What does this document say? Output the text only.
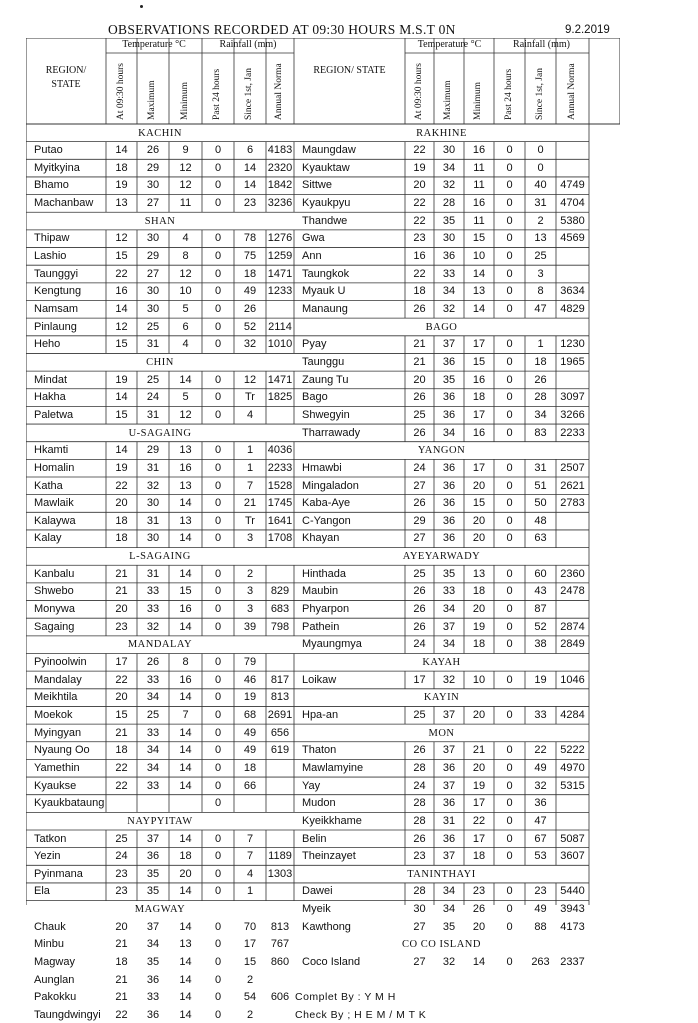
OBSERVATIONS RECORDED AT 09:30 HOURS M.S.T 0N	9.2.2019
REGION/ STATE
Temperature °C	Rainfall (mm)
At 09:30 hours Maximum Minimum Past 24 hours Since 1st, Jan Annual Norma
KACHIN
Putao	14	26	9	0	6	4183
Myitkyina	18	29	12	0	14	2320
Bhamo	19	30	12	0	14	1842
Machanbaw	13	27	11	0	23	3236
SHAN
Thipaw	12	30	4	0	78	1276
Lashio	15	29	8	0	75	1259
Taunggyi	22	27	12	0	18	1471
Kengtung	16	30	10	0	49	1233
Namsam	14	30	5	0	26
Pinlaung	12	25	6	0	52	2114
Heho	15	31	4	0	32	1010
CHIN
Mindat	19	25	14	0	12	1471
Hakha	14	24	5	0	Tr	1825
Paletwa	15	31	12	0	4
U-SAGAING
Hkamti	14	29	13	0	1	4036
Homalin	19	31	16	0	1	2233
Katha	22	32	13	0	7	1528
Mawlaik	20	30	14	0	21	1745
Kalaywa	18	31	13	0	Tr	1641
Kalay	18	30	14	0	3	1708
L-SAGAING
Kanbalu	21	31	14	0	2
Shwebo	21	33	15	0	3	829
Monywa	20	33	16	0	3	683
Sagaing	23	32	14	0	39	798
MANDALAY
Pyinoolwin	17	26	8	0	79
Mandalay	22	33	16	0	46	817
Meikhtila	20	34	14	0	19	813
Moekok	15	25	7	0	68	2691
Myingyan	21	33	14	0	49	656
Nyaung Oo	18	34	14	0	49	619
Yamethin	22	34	14	0	18
Kyaukse	22	33	14	0	66
Kyaukbataung	0
NAYPYITAW
Tatkon	25	37	14	0	7
Yezin	24	36	18	0	7	1189
Pyinmana	23	35	20	0	4	1303
Ela	23	35	14	0	1
MAGWAY
Chauk	20	37	14	0	70	813
Minbu	21	34	13	0	17	767
Magway	18	35	14	0	15	860
Aunglan	21	36	14	0	2
Pakokku	21	33	14	0	54	606
Taungdwingyi	22	36	14	0	2
REGION/ STATE
Temperature °C	Rainfall (mm)
At 09:30 hours Maximum Minimum Past 24 hours Since 1st, Jan Annual Norma
RAKHINE
Maungdaw	22	30	16	0	0
Kyauktaw	19	34	11	0	0
Sittwe	20	32	11	0	40	4749
Kyaukpyu	22	28	16	0	31	4704
Thandwe	22	35	11	0	2	5380
Gwa	23	30	15	0	13	4569
Ann	16	36	10	0	25
Taungkok	22	33	14	0	3
Myauk U	18	34	13	0	8	3634
Manaung	26	32	14	0	47	4829
BAGO
Pyay	21	37	17	0	1	1230
Taunggu	21	36	15	0	18	1965
Zaung Tu	20	35	16	0	26
Bago	26	36	18	0	28	3097
Shwegyin	25	36	17	0	34	3266
Tharrawady	26	34	16	0	83	2233
YANGON
Hmawbi	24	36	17	0	31	2507
Mingaladon	27	36	20	0	51	2621
Kaba-Aye	26	36	15	0	50	2783
C-Yangon	29	36	20	0	48
Khayan	27	36	20	0	63
AYEYARWADY
Hinthada	25	35	13	0	60	2360
Maubin	26	33	18	0	43	2478
Phyarpon	26	34	20	0	87
Pathein	26	37	19	0	52	2874
Myaungmya	24	34	18	0	38	2849
KAYAH
Loikaw	17	32	10	0	19	1046
KAYIN
Hpa-an	25	37	20	0	33	4284
MON
Thaton	26	37	21	0	22	5222
Mawlamyine	28	36	20	0	49	4970
Yay	24	37	19	0	32	5315
Mudon	28	36	17	0	36
Kyeikkhame	28	31	22	0	47
Belin	26	36	17	0	67	5087
Theinzayet	23	37	18	0	53	3607
TANINTHAYI
Dawei	28	34	23	0	23	5440
Myeik	30	34	26	0	49	3943
Kawthong	27	35	20	0	88	4173
CO CO ISLAND
Coco Island	27	32	14	0	263 2337
Complet By : Y M H
Check By ; H E M / M T K
